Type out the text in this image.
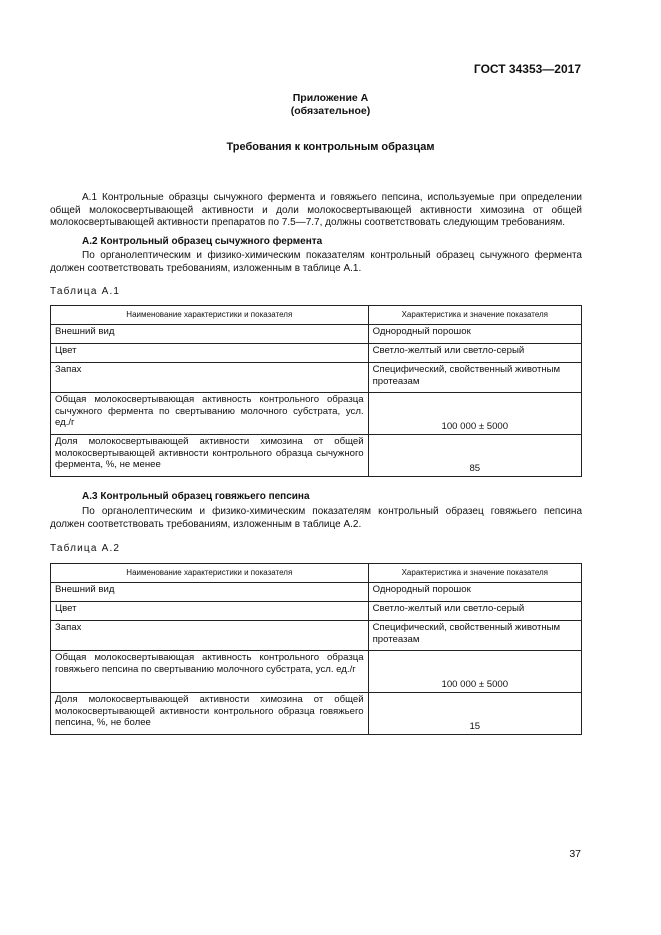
ГОСТ 34353—2017
Приложение А
(обязательное)
Требования к контрольным образцам
А.1 Контрольные образцы сычужного фермента и говяжьего пепсина, используемые при определении общей молокосвертывающей активности и доли молокосвертывающей активности химозина от общей молокосвертывающей активности препаратов по 7.5—7.7, должны соответствовать следующим требованиям.
А.2 Контрольный образец сычужного фермента
По органолептическим и физико-химическим показателям контрольный образец сычужного фермента должен соответствовать требованиям, изложенным в таблице А.1.
Таблица А.1
Наименование характеристики и показателя	Характеристика и значение показателя
Внешний вид	Однородный порошок
Цвет	Светло-желтый или светло-серый
Запах	Специфический, свойственный животным протеазам
Общая молокосвертывающая активность контрольного образца сычужного фермента по свертыванию молочного субстрата, усл. ед./г	100 000 ± 5000
Доля молокосвертывающей активности химозина от общей молокосвертывающей активности контрольного образца сычужного фермента, %, не менее	85
А.3 Контрольный образец говяжьего пепсина
По органолептическим и физико-химическим показателям контрольный образец говяжьего пепсина должен соответствовать требованиям, изложенным в таблице А.2.
Таблица А.2
Наименование характеристики и показателя	Характеристика и значение показателя
Внешний вид	Однородный порошок
Цвет	Светло-желтый или светло-серый
Запах	Специфический, свойственный животным протеазам
Общая молокосвертывающая активность контрольного образца говяжьего пепсина по свертыванию молочного субстрата, усл. ед./г	100 000 ± 5000
Доля молокосвертывающей активности химозина от общей молокосвертывающей активности контрольного образца говяжьего пепсина, %, не более	15
37
